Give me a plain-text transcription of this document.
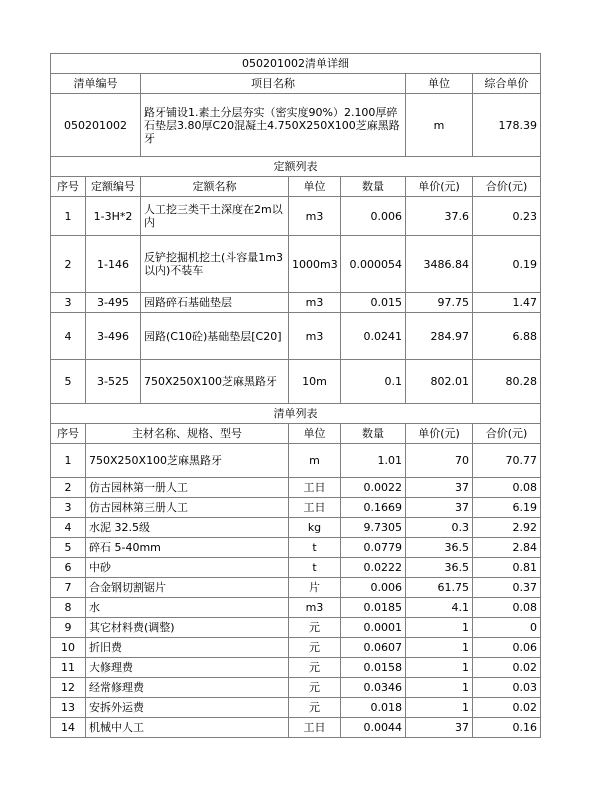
050201002清单详细						
清单编号		项目名称			单位	综合单价
050201002		路牙铺设1.素土分层夯实（密实度90%）2.100厚碎石垫层3.80厚C20混凝土4.750X250X100芝麻黑路牙			m	178.39
定额列表						
序号	定额编号	定额名称	单位	数量	单价(元)	合价(元)
1	1-3H*2	人工挖三类干土深度在2m以内	m3	0.006	37.6	0.23
2	1-146	反铲挖掘机挖土(斗容量1m3以内)不装车	1000m3	0.000054	3486.84	0.19
3	3-495	园路碎石基础垫层	m3	0.015	97.75	1.47
4	3-496	园路(C10砼)基础垫层[C20]	m3	0.0241	284.97	6.88
5	3-525	750X250X100芝麻黑路牙	10m	0.1	802.01	80.28
清单列表						
序号	主材名称、规格、型号		单位	数量	单价(元)	合价(元)
1	750X250X100芝麻黑路牙		m	1.01	70	70.77
2	仿古园林第一册人工		工日	0.0022	37	0.08
3	仿古园林第三册人工		工日	0.1669	37	6.19
4	水泥 32.5级		kg	9.7305	0.3	2.92
5	碎石 5-40mm		t	0.0779	36.5	2.84
6	中砂		t	0.0222	36.5	0.81
7	合金钢切割锯片		片	0.006	61.75	0.37
8	水		m3	0.0185	4.1	0.08
9	其它材料费(调整)		元	0.0001	1	0
10	折旧费		元	0.0607	1	0.06
11	大修理费		元	0.0158	1	0.02
12	经常修理费		元	0.0346	1	0.03
13	安拆外运费		元	0.018	1	0.02
14	机械中人工		工日	0.0044	37	0.16
